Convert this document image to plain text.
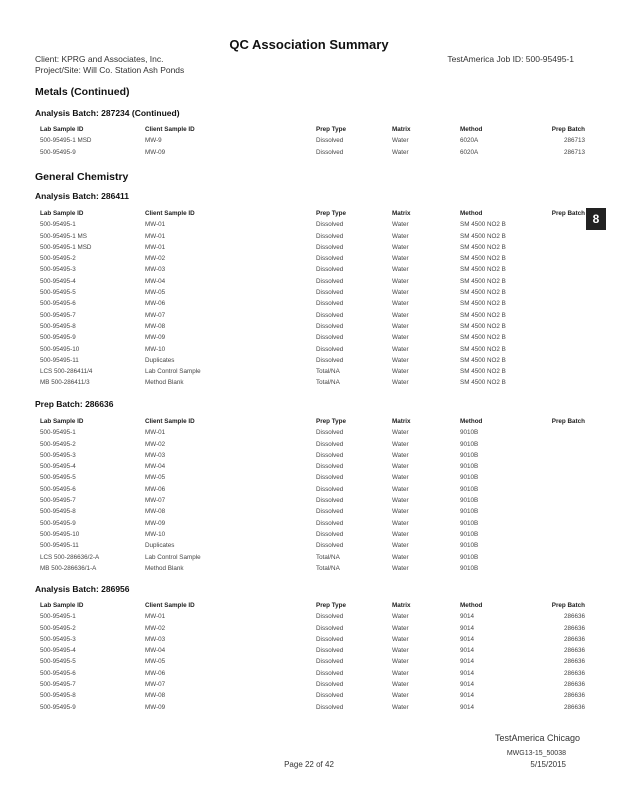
QC Association Summary
Client: KPRG and Associates, Inc.
Project/Site: Will Co. Station Ash Ponds
TestAmerica Job ID: 500-95495-1
8
Metals (Continued)
Analysis Batch: 287234 (Continued)
Lab Sample ID	Client Sample ID	Prep Type	Matrix	Method	Prep Batch
500-95495-1 MSD	MW-9	Dissolved	Water	6020A	286713
500-95495-9	MW-09	Dissolved	Water	6020A	286713
General Chemistry
Analysis Batch: 286411
Lab Sample ID	Client Sample ID	Prep Type	Matrix	Method	Prep Batch
500-95495-1	MW-01	Dissolved	Water	SM 4500 NO2 B
500-95495-1 MS	MW-01	Dissolved	Water	SM 4500 NO2 B
500-95495-1 MSD	MW-01	Dissolved	Water	SM 4500 NO2 B
500-95495-2	MW-02	Dissolved	Water	SM 4500 NO2 B
500-95495-3	MW-03	Dissolved	Water	SM 4500 NO2 B
500-95495-4	MW-04	Dissolved	Water	SM 4500 NO2 B
500-95495-5	MW-05	Dissolved	Water	SM 4500 NO2 B
500-95495-6	MW-06	Dissolved	Water	SM 4500 NO2 B
500-95495-7	MW-07	Dissolved	Water	SM 4500 NO2 B
500-95495-8	MW-08	Dissolved	Water	SM 4500 NO2 B
500-95495-9	MW-09	Dissolved	Water	SM 4500 NO2 B
500-95495-10	MW-10	Dissolved	Water	SM 4500 NO2 B
500-95495-11	Duplicates	Dissolved	Water	SM 4500 NO2 B
LCS 500-286411/4	Lab Control Sample	Total/NA	Water	SM 4500 NO2 B
MB 500-286411/3	Method Blank	Total/NA	Water	SM 4500 NO2 B
Prep Batch: 286636
Lab Sample ID	Client Sample ID	Prep Type	Matrix	Method	Prep Batch
500-95495-1	MW-01	Dissolved	Water	9010B
500-95495-2	MW-02	Dissolved	Water	9010B
500-95495-3	MW-03	Dissolved	Water	9010B
500-95495-4	MW-04	Dissolved	Water	9010B
500-95495-5	MW-05	Dissolved	Water	9010B
500-95495-6	MW-06	Dissolved	Water	9010B
500-95495-7	MW-07	Dissolved	Water	9010B
500-95495-8	MW-08	Dissolved	Water	9010B
500-95495-9	MW-09	Dissolved	Water	9010B
500-95495-10	MW-10	Dissolved	Water	9010B
500-95495-11	Duplicates	Dissolved	Water	9010B
LCS 500-286636/2-A	Lab Control Sample	Total/NA	Water	9010B
MB 500-286636/1-A	Method Blank	Total/NA	Water	9010B
Analysis Batch: 286956
Lab Sample ID	Client Sample ID	Prep Type	Matrix	Method	Prep Batch
500-95495-1	MW-01	Dissolved	Water	9014	286636
500-95495-2	MW-02	Dissolved	Water	9014	286636
500-95495-3	MW-03	Dissolved	Water	9014	286636
500-95495-4	MW-04	Dissolved	Water	9014	286636
500-95495-5	MW-05	Dissolved	Water	9014	286636
500-95495-6	MW-06	Dissolved	Water	9014	286636
500-95495-7	MW-07	Dissolved	Water	9014	286636
500-95495-8	MW-08	Dissolved	Water	9014	286636
500-95495-9	MW-09	Dissolved	Water	9014	286636
TestAmerica Chicago
MWG13-15_50038
Page 22 of 42	5/15/2015
